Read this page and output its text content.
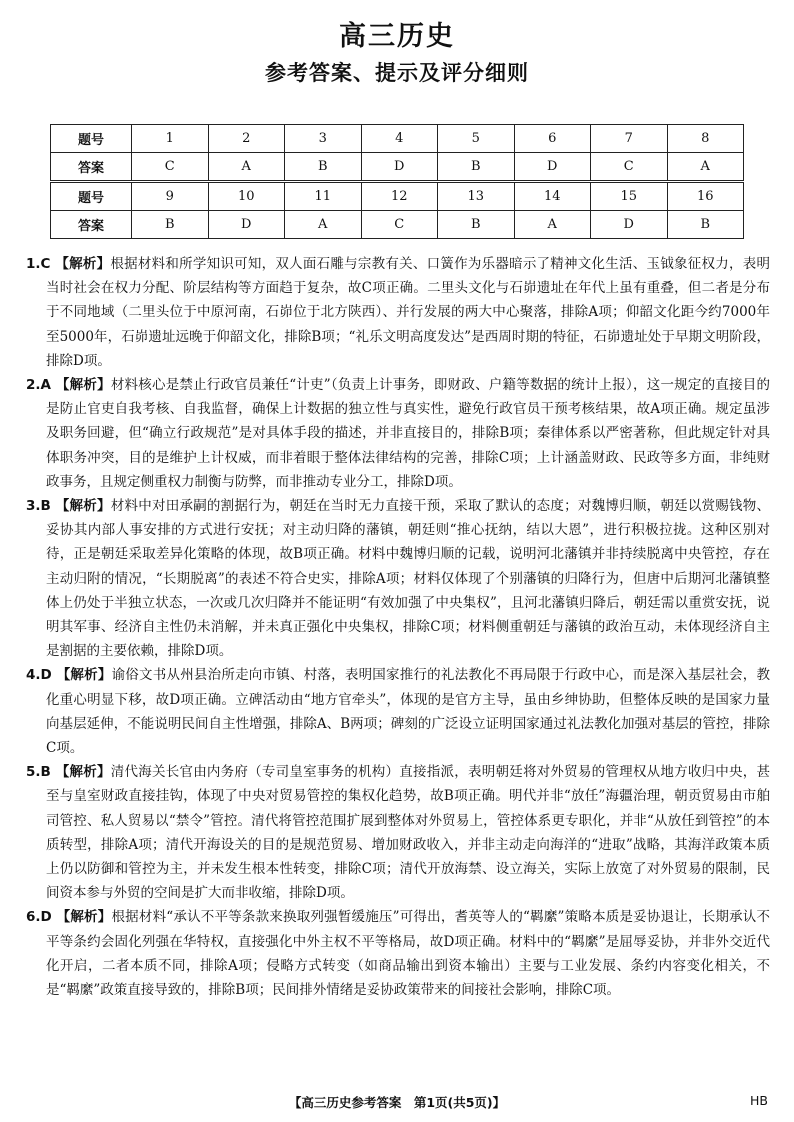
高三历史
参考答案、提示及评分细则
题号	1	2	3	4	5	6	7	8
答案	C	A	B	D	B	D	C	A
题号	9	10	11	12	13	14	15	16
答案	B	D	A	C	B	A	D	B

1.C 【解析】根据材料和所学知识可知，双人面石雕与宗教有关、口簧作为乐器暗示了精神文化生活、玉钺象征权力，表明当时社会在权力分配、阶层结构等方面趋于复杂，故C项正确。二里头文化与石峁遗址在年代上虽有重叠，但二者是分布于不同地域（二里头位于中原河南，石峁位于北方陕西）、并行发展的两大中心聚落，排除A项；仰韶文化距今约7000年至5000年，石峁遗址远晚于仰韶文化，排除B项；“礼乐文明高度发达”是西周时期的特征，石峁遗址处于早期文明阶段，排除D项。

2.A 【解析】材料核心是禁止行政官员兼任“计吏”（负责上计事务，即财政、户籍等数据的统计上报），这一规定的直接目的是防止官吏自我考核、自我监督，确保上计数据的独立性与真实性，避免行政官员干预考核结果，故A项正确。规定虽涉及职务回避，但“确立行政规范”是对具体手段的描述，并非直接目的，排除B项；秦律体系以严密著称，但此规定针对具体职务冲突，目的是维护上计权威，而非着眼于整体法律结构的完善，排除C项；上计涵盖财政、民政等多方面，非纯财政事务，且规定侧重权力制衡与防弊，而非推动专业分工，排除D项。

3.B 【解析】材料中对田承嗣的割据行为，朝廷在当时无力直接干预，采取了默认的态度；对魏博归顺，朝廷以赏赐钱物、妥协其内部人事安排的方式进行安抚；对主动归降的藩镇，朝廷则“推心抚纳，结以大恩”，进行积极拉拢。这种区别对待，正是朝廷采取差异化策略的体现，故B项正确。材料中魏博归顺的记载，说明河北藩镇并非持续脱离中央管控，存在主动归附的情况，“长期脱离”的表述不符合史实，排除A项；材料仅体现了个别藩镇的归降行为，但唐中后期河北藩镇整体上仍处于半独立状态，一次或几次归降并不能证明“有效加强了中央集权”，且河北藩镇归降后，朝廷需以重赏安抚，说明其军事、经济自主性仍未消解，并未真正强化中央集权，排除C项；材料侧重朝廷与藩镇的政治互动，未体现经济自主是割据的主要依赖，排除D项。

4.D 【解析】谕俗文书从州县治所走向市镇、村落，表明国家推行的礼法教化不再局限于行政中心，而是深入基层社会，教化重心明显下移，故D项正确。立碑活动由“地方官牵头”，体现的是官方主导，虽由乡绅协助，但整体反映的是国家力量向基层延伸，不能说明民间自主性增强，排除A、B两项；碑刻的广泛设立证明国家通过礼法教化加强对基层的管控，排除C项。

5.B 【解析】清代海关长官由内务府（专司皇室事务的机构）直接指派，表明朝廷将对外贸易的管理权从地方收归中央，甚至与皇室财政直接挂钩，体现了中央对贸易管控的集权化趋势，故B项正确。明代并非“放任”海疆治理，朝贡贸易由市舶司管控、私人贸易以“禁令”管控。清代将管控范围扩展到整体对外贸易上，管控体系更专职化，并非“从放任到管控”的本质转型，排除A项；清代开海设关的目的是规范贸易、增加财政收入，并非主动走向海洋的“进取”战略，其海洋政策本质上仍以防御和管控为主，并未发生根本性转变，排除C项；清代开放海禁、设立海关，实际上放宽了对外贸易的限制，民间资本参与外贸的空间是扩大而非收缩，排除D项。

6.D 【解析】根据材料“承认不平等条款来换取列强暂缓施压”可得出，耆英等人的“羁縻”策略本质是妥协退让，长期承认不平等条约会固化列强在华特权，直接强化中外主权不平等格局，故D项正确。材料中的“羁縻”是屈辱妥协，并非外交近代化开启，二者本质不同，排除A项；侵略方式转变（如商品输出到资本输出）主要与工业发展、条约内容变化相关，不是“羁縻”政策直接导致的，排除B项；民间排外情绪是妥协政策带来的间接社会影响，排除C项。

【高三历史参考答案　第1页(共5页)】	HB
